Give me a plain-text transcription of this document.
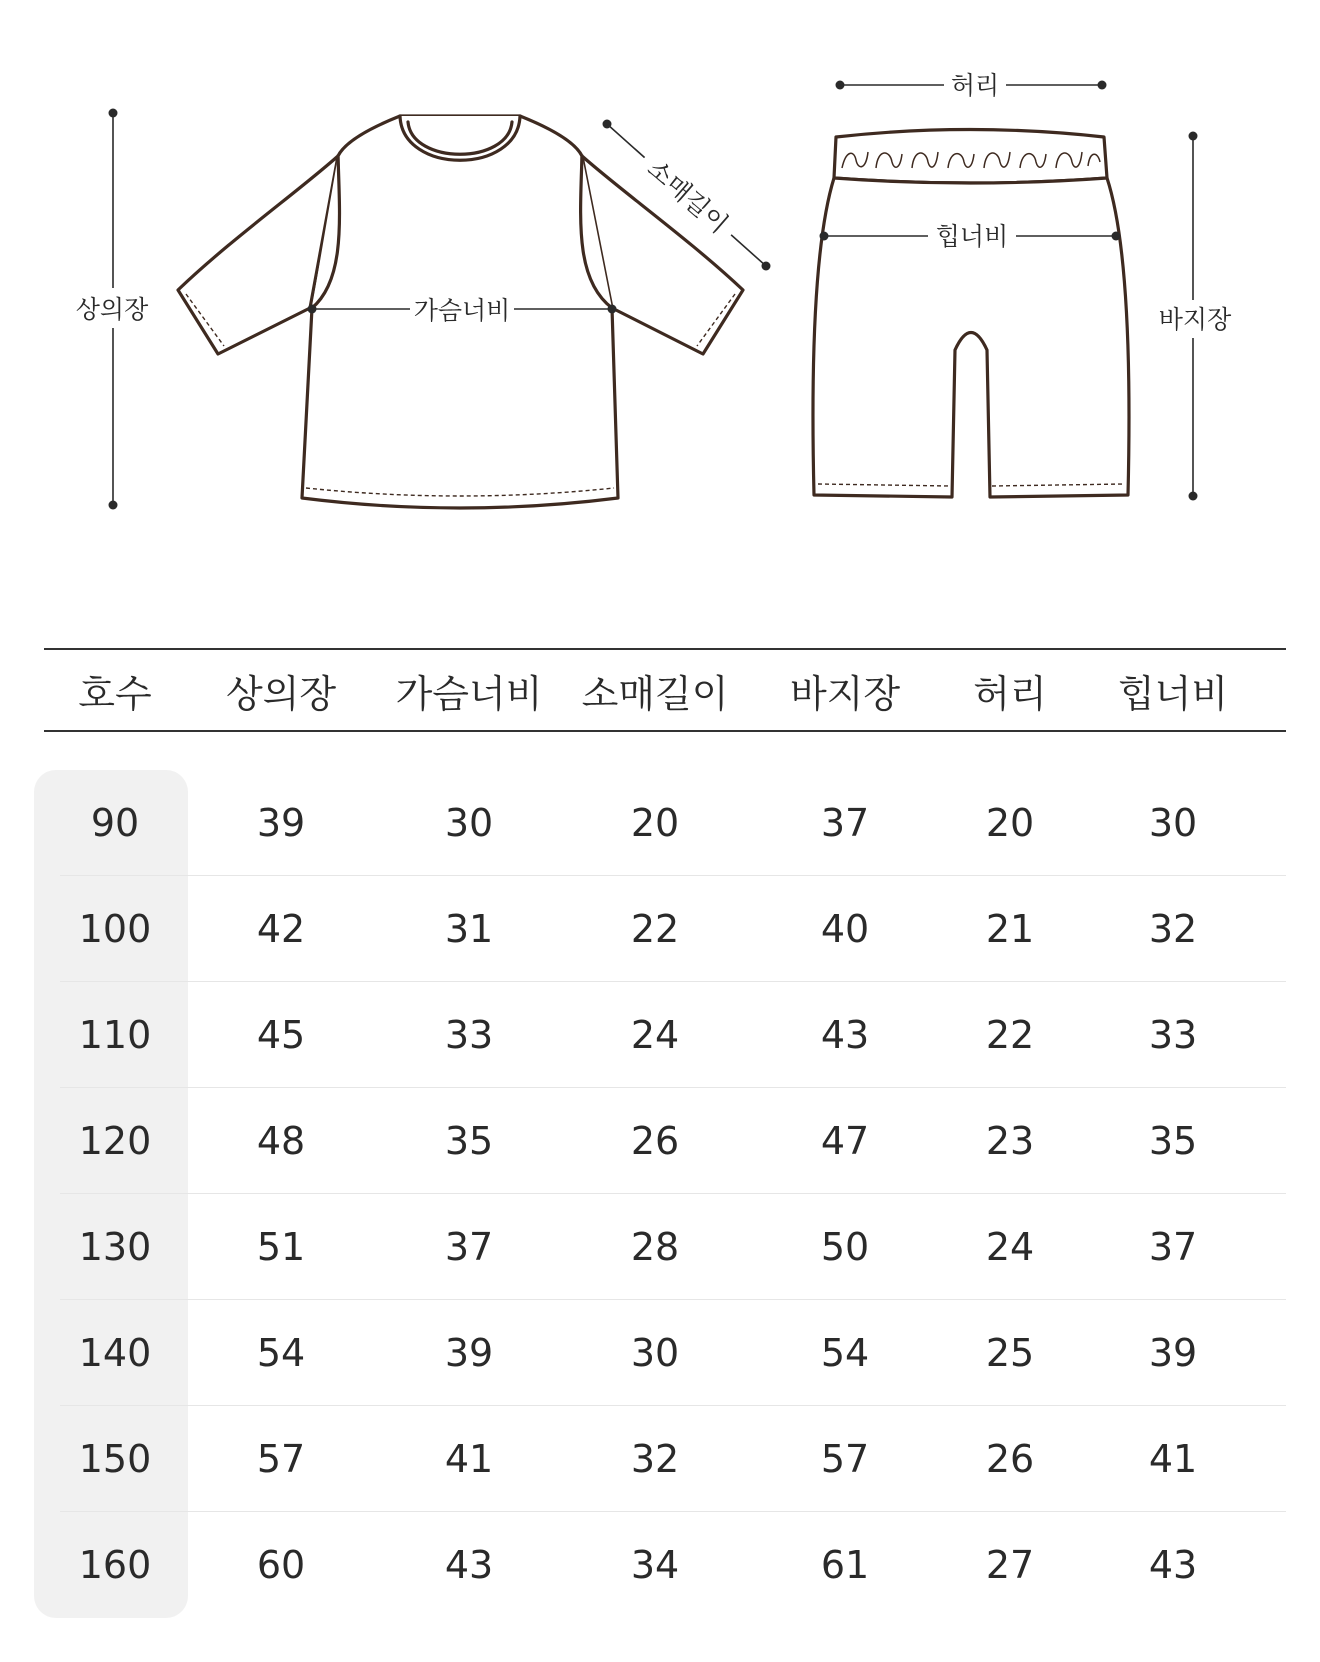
상의장	가슴너비
소매길이
허리
힙너비
바지장
호수	상의장	가슴너비	소매길이	바지장	허리	힙너비
90	39	30	20	37	20	30
100	42	31	22	40	21	32
110	45	33	24	43	22	33
120	48	35	26	47	23	35
130	51	37	28	50	24	37
140	54	39	30	54	25	39
150	57	41	32	57	26	41
160	60	43	34	61	27	43
